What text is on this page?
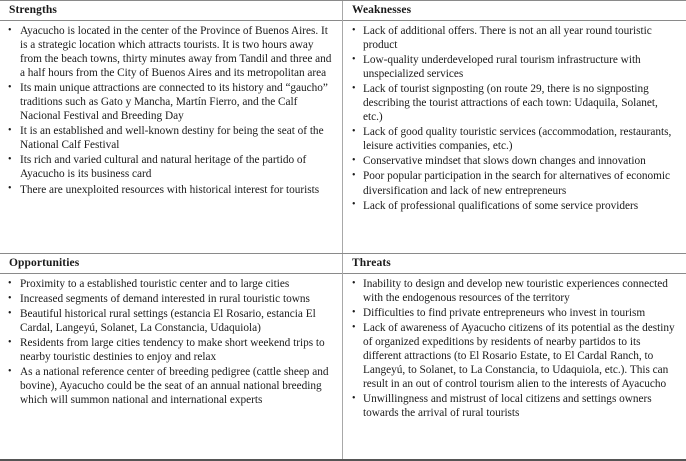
Strengths
• Ayacucho is located in the center of the Province of Buenos Aires. It is a strategic location which attracts tourists. It is two hours away from the beach towns, thirty minutes away from Tandil and three and a half hours from the City of Buenos Aires and its metropolitan area
• Its main unique attractions are connected to its history and “gaucho” traditions such as Gato y Mancha, Martín Fierro, and the Calf Nacional Festival and Breeding Day
• It is an established and well-known destiny for being the seat of the National Calf Festival
• Its rich and varied cultural and natural heritage of the partido of Ayacucho is its business card
• There are unexploited resources with historical interest for tourists
Weaknesses
• Lack of additional offers. There is not an all year round touristic product
• Low-quality underdeveloped rural tourism infrastructure with unspecialized services
• Lack of tourist signposting (on route 29, there is no signposting describing the tourist attractions of each town: Udaquila, Solanet, etc.)
• Lack of good quality touristic services (accommodation, restaurants, leisure activities companies, etc.)
• Conservative mindset that slows down changes and innovation
• Poor popular participation in the search for alternatives of economic diversification and lack of new entrepreneurs
• Lack of professional qualifications of some service providers
Opportunities
• Proximity to a established touristic center and to large cities
• Increased segments of demand interested in rural touristic towns
• Beautiful historical rural settings (estancia El Rosario, estancia El Cardal, Langeyú, Solanet, La Constancia, Udaquiola)
• Residents from large cities tendency to make short weekend trips to nearby touristic destinies to enjoy and relax
• As a national reference center of breeding pedigree (cattle sheep and bovine), Ayacucho could be the seat of an annual national breeding which will summon national and international experts
Threats
• Inability to design and develop new touristic experiences connected with the endogenous resources of the territory
• Difficulties to find private entrepreneurs who invest in tourism
• Lack of awareness of Ayacucho citizens of its potential as the destiny of organized expeditions by residents of nearby partidos to its different attractions (to El Rosario Estate, to El Cardal Ranch, to Langeyú, to Solanet, to La Constancia, to Udaquiola, etc.). This can result in an out of control tourism alien to the interests of Ayacucho
• Unwillingness and mistrust of local citizens and settings owners towards the arrival of rural tourists
